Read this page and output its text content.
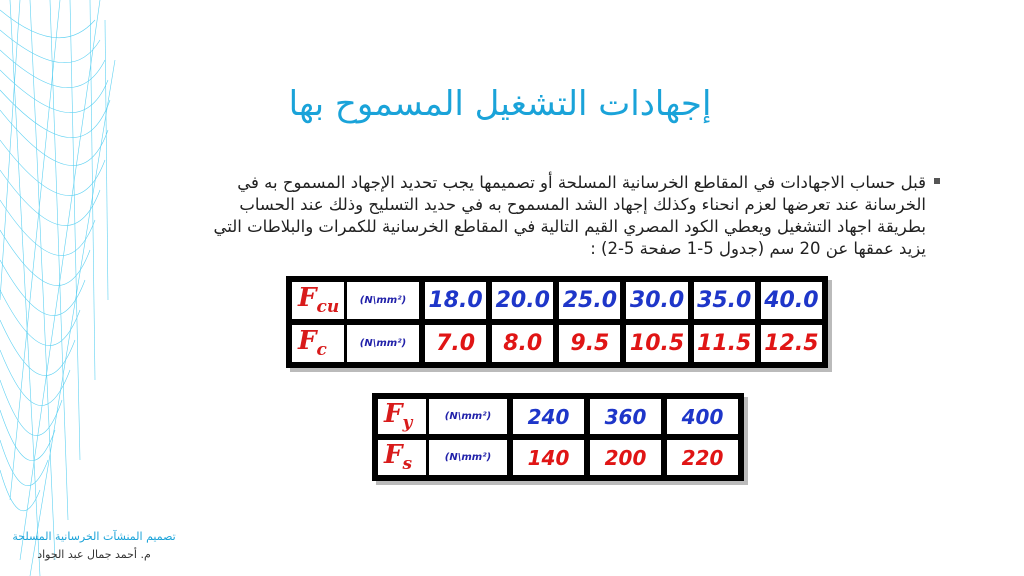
إجهادات التشغيل المسموح بها
قبل حساب الاجهادات في المقاطع الخرسانية المسلحة أو تصميمها يجب تحديد الإجهاد المسموح به في الخرسانة عند تعرضها لعزم انحناء وكذلك إجهاد الشد المسموح به في حديد التسليح وذلك عند الحساب بطريقة اجهاد التشغيل ويعطي الكود المصري القيم التالية في المقاطع الخرسانية للكمرات والبلاطات التي يزيد عمقها عن 20 سم (جدول 5-1 صفحة 5-2) :
$F_{cu}$	(N\mm²)	18.0	20.0	25.0	30.0	35.0	40.0
$F_c$	(N\mm²)	7.0	8.0	9.5	10.5	11.5	12.5
$F_y$	(N\mm²)	240	360	400
$F_s$	(N\mm²)	140	200	220
تصميم المنشآت الخرسانية المسلحة
م. أحمد جمال عبد الجواد
